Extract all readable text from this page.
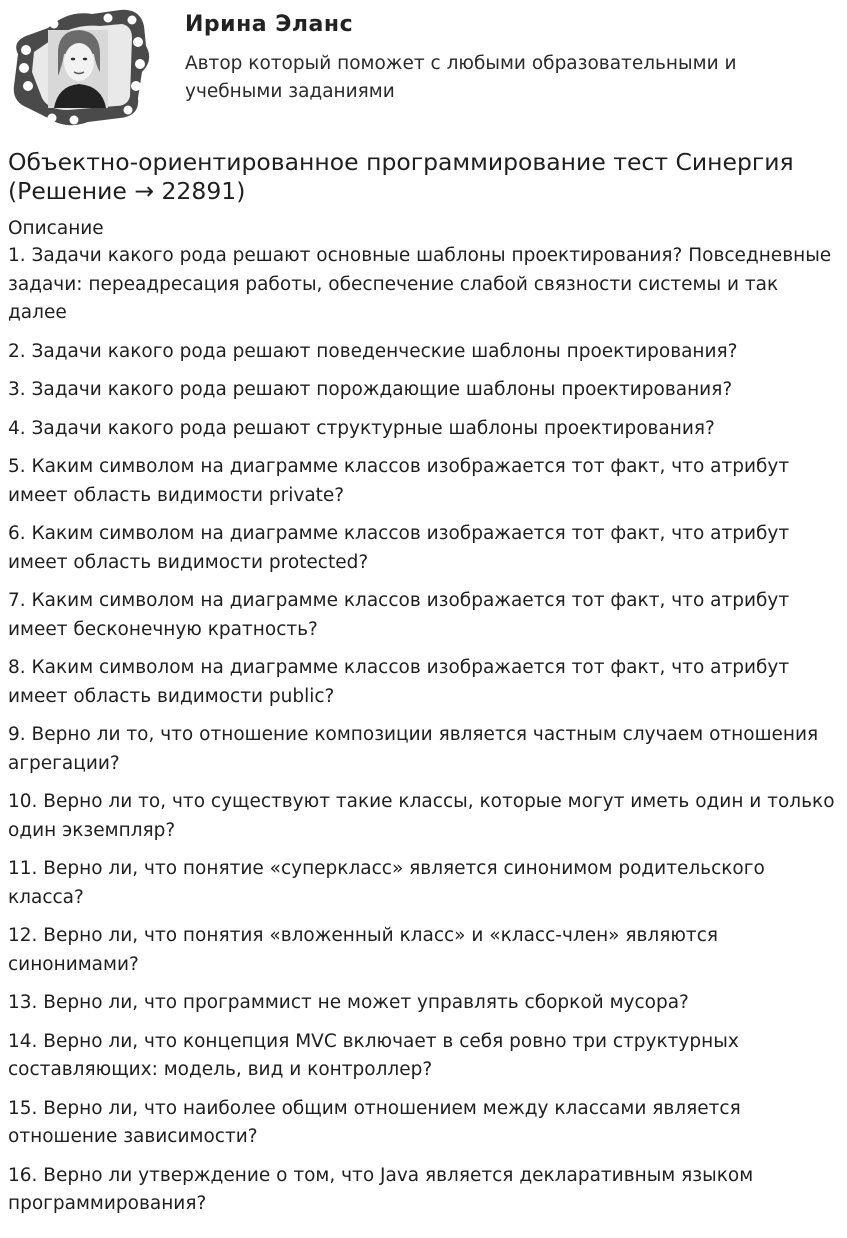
Ирина Эланс
Автор который поможет с любыми образовательными и учебными заданиями
Объектно-ориентированное программирование тест Синергия (Решение → 22891)
Описание
1. Задачи какого рода решают основные шаблоны проектирования? Повседневные задачи: переадресация работы, обеспечение слабой связности системы и так далее
2. Задачи какого рода решают поведенческие шаблоны проектирования?
3. Задачи какого рода решают порождающие шаблоны проектирования?
4. Задачи какого рода решают структурные шаблоны проектирования?
5. Каким символом на диаграмме классов изображается тот факт, что атрибут имеет область видимости private?
6. Каким символом на диаграмме классов изображается тот факт, что атрибут имеет область видимости protected?
7. Каким символом на диаграмме классов изображается тот факт, что атрибут имеет бесконечную кратность?
8. Каким символом на диаграмме классов изображается тот факт, что атрибут имеет область видимости public?
9. Верно ли то, что отношение композиции является частным случаем отношения агрегации?
10. Верно ли то, что существуют такие классы, которые могут иметь один и только один экземпляр?
11. Верно ли, что понятие «суперкласс» является синонимом родительского класса?
12. Верно ли, что понятия «вложенный класс» и «класс-член» являются синонимами?
13. Верно ли, что программист не может управлять сборкой мусора?
14. Верно ли, что концепция MVC включает в себя ровно три структурных составляющих: модель, вид и контроллер?
15. Верно ли, что наиболее общим отношением между классами является отношение зависимости?
16. Верно ли утверждение о том, что Java является декларативным языком программирования?
